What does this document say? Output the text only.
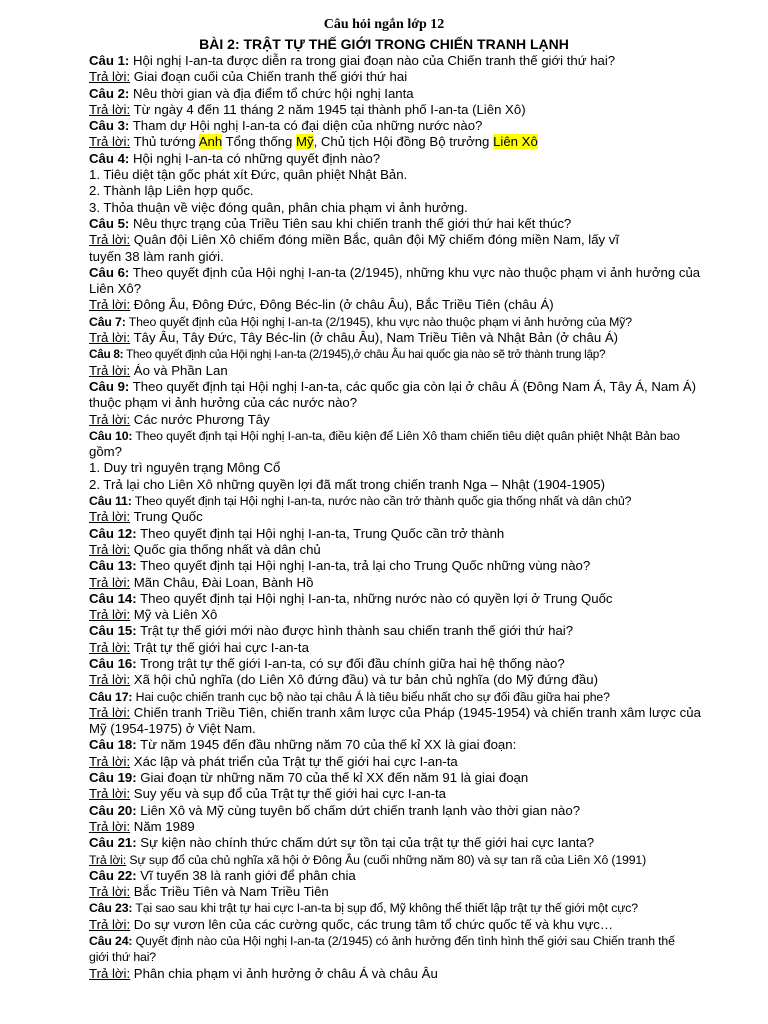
Câu hỏi ngắn lớp 12
BÀI 2: TRẬT TỰ THẾ GIỚI TRONG CHIẾN TRANH LẠNH
Câu 1: Hội nghị I-an-ta được diễn ra trong giai đoạn nào của Chiến tranh thế giới thứ hai?
Trả lời: Giai đoạn cuối của Chiến tranh thế giới thứ hai
Câu 2: Nêu thời gian và địa điểm tổ chức hội nghị Ianta
Trả lời: Từ ngày 4 đến 11 tháng 2 năm 1945 tại thành phố I-an-ta (Liên Xô)
Câu 3: Tham dự Hội nghị I-an-ta có đại diện của những nước nào?
Trả lời: Thủ tướng Anh Tổng thống Mỹ, Chủ tịch Hội đồng Bộ trưởng Liên Xô
Câu 4: Hội nghị I-an-ta có những quyết định nào?
1. Tiêu diệt tận gốc phát xít Đức, quân phiệt Nhật Bản.
2. Thành lập Liên hợp quốc.
3. Thỏa thuận về việc đóng quân, phân chia phạm vi ảnh hưởng.
Câu 5: Nêu thực trạng của Triều Tiên sau khi chiến tranh thế giới thứ hai kết thúc?
Trả lời: Quân đội Liên Xô chiếm đóng miền Bắc, quân đội Mỹ chiếm đóng miền Nam, lấy vĩ
tuyến 38 làm ranh giới.
Câu 6: Theo quyết định của Hội nghị I-an-ta (2/1945), những khu vực nào thuộc phạm vi ảnh hưởng của
Liên Xô?
Trả lời: Đông Âu, Đông Đức, Đông Béc-lin (ở châu Âu), Bắc Triều Tiên (châu Á)
Câu 7: Theo quyết định của Hội nghị I-an-ta (2/1945), khu vực nào thuộc phạm vi ảnh hưởng của Mỹ?
Trả lời: Tây Âu, Tây Đức, Tây Béc-lin (ở châu Âu), Nam Triều Tiên và Nhật Bản (ở châu Á)
Câu 8: Theo quyết định của Hội nghị I-an-ta (2/1945),ở châu Âu hai quốc gia nào sẽ trở thành trung lập?
Trả lời: Áo và Phần Lan
Câu 9: Theo quyết định tại Hội nghị I-an-ta, các quốc gia còn lại ở châu Á (Đông Nam Á, Tây Á, Nam Á)
thuộc phạm vi ảnh hưởng của các nước nào?
Trả lời: Các nước Phương Tây
Câu 10: Theo quyết định tại Hội nghị I-an-ta, điều kiện để Liên Xô tham chiến tiêu diệt quân phiệt Nhật Bản bao
gồm?
1. Duy trì nguyên trạng Mông Cổ
2. Trả lại cho Liên Xô những quyền lợi đã mất trong chiến tranh Nga – Nhật (1904-1905)
Câu 11: Theo quyết định tại Hội nghị I-an-ta, nước nào cần trở thành quốc gia thống nhất và dân chủ?
Trả lời: Trung Quốc
Câu 12: Theo quyết định tại Hội nghị I-an-ta, Trung Quốc cần trở thành
Trả lời: Quốc gia thống nhất và dân chủ
Câu 13: Theo quyết định tại Hội nghị I-an-ta, trả lại cho Trung Quốc những vùng nào?
Trả lời: Mãn Châu, Đài Loan, Bành Hồ
Câu 14: Theo quyết định tại Hội nghị I-an-ta, những nước nào có quyền lợi ở Trung Quốc
Trả lời: Mỹ và Liên Xô
Câu 15: Trật tự thế giới mới nào được hình thành sau chiến tranh thế giới thứ hai?
Trả lời: Trật tự thế giới hai cực I-an-ta
Câu 16: Trong trật tự thế giới I-an-ta, có sự đối đầu chính giữa hai hệ thống nào?
Trả lời: Xã hội chủ nghĩa (do Liên Xô đứng đầu) và tư bản chủ nghĩa (do Mỹ đứng đầu)
Câu 17: Hai cuộc chiến tranh cục bộ nào tại châu Á là tiêu biểu nhất cho sự đối đầu giữa hai phe?
Trả lời: Chiến tranh Triều Tiên, chiến tranh xâm lược của Pháp (1945-1954) và chiến tranh xâm lược của
Mỹ (1954-1975) ở Việt Nam.
Câu 18: Từ năm 1945 đến đầu những năm 70 của thế kỉ XX là giai đoạn:
Trả lời: Xác lập và phát triển của Trật tự thế giới hai cực I-an-ta
Câu 19: Giai đoạn từ những năm 70 của thế kỉ XX đến năm 91 là giai đoạn
Trả lời: Suy yếu và sụp đổ của Trật tự thế giới hai cực I-an-ta
Câu 20: Liên Xô và Mỹ cùng tuyên bố chấm dứt chiến tranh lạnh vào thời gian nào?
Trả lời: Năm 1989
Câu 21: Sự kiện nào chính thức chấm dứt sự tồn tại của trật tự thế giới hai cực Ianta?
Trả lời: Sự sụp đổ của chủ nghĩa xã hội ở Đông Âu (cuối những năm 80) và sự tan rã của Liên Xô (1991)
Câu 22: Vĩ tuyến 38 là ranh giới để phân chia
Trả lời: Bắc Triều Tiên và Nam Triều Tiên
Câu 23: Tại sao sau khi trật tự hai cực I-an-ta bị sụp đổ, Mỹ không thể thiết lập trật tự thế giới một cực?
Trả lời: Do sự vươn lên của các cường quốc, các trung tâm tổ chức quốc tế và khu vực…
Câu 24: Quyết định nào của Hội nghị I-an-ta (2/1945) có ảnh hưởng đến tình hình thế giới sau Chiến tranh thế
giới thứ hai?
Trả lời: Phân chia phạm vi ảnh hưởng ở châu Á và châu Âu
